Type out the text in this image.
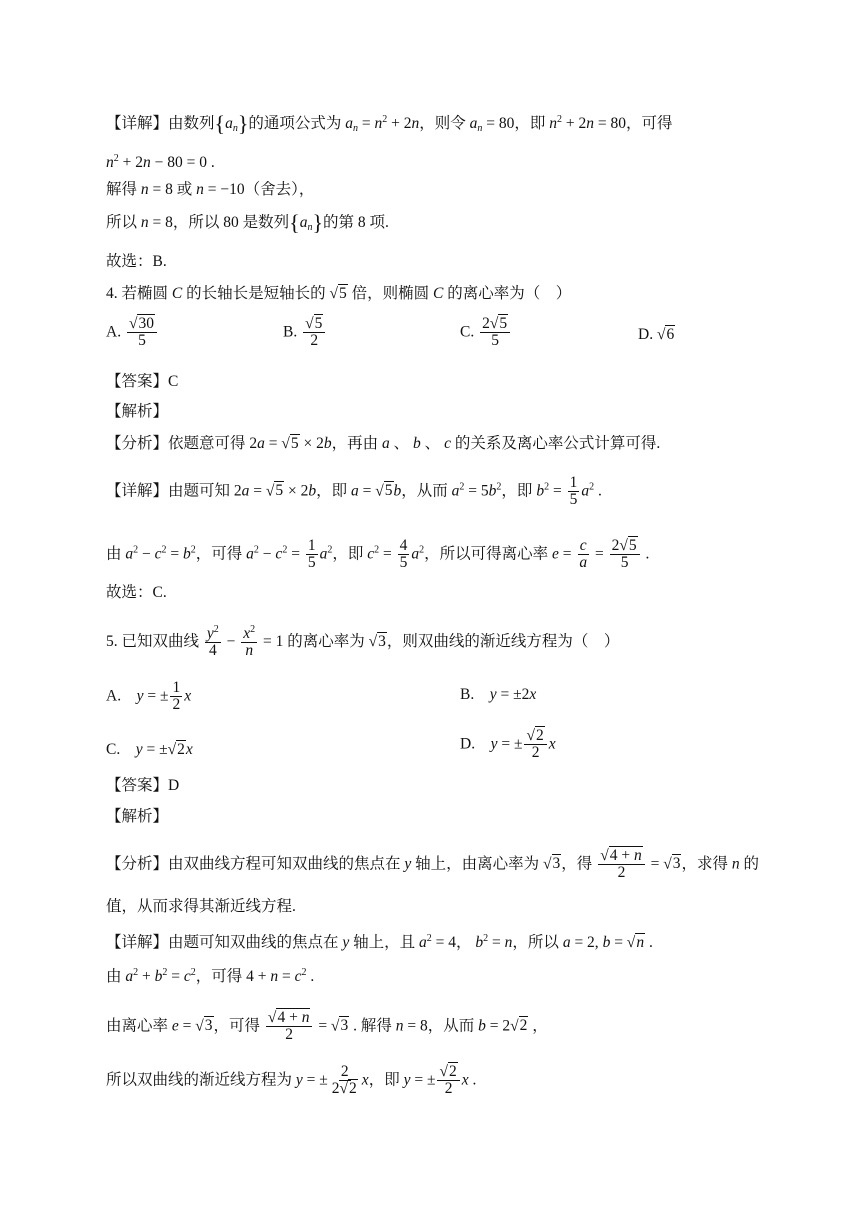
【详解】由数列$\{a_n\}$的通项公式为 $a_n = n^2 + 2n$，则令 $a_n = 80$，即 $n^2 + 2n = 80$，可得
$n^2 + 2n - 80 = 0$ .
解得 n = 8 或 n = −10（舍去），
所以 n = 8，所以 80 是数列$\{a_n\}$的第 8 项.
故选：B.
4. 若椭圆 C 的长轴长是短轴长的 √5 倍，则椭圆 C 的离心率为（　）
A. $\frac{√30}{5}$	B. $\frac{√5}{2}$	C. $\frac{2√5}{5}$	D. √6
【答案】C
【解析】
【分析】依题意可得 2a = √5 × 2b，再由 a 、 b 、 c 的关系及离心率公式计算可得.
【详解】由题可知 2a = √5 × 2b，即 a = √5b，从而 $a^2 = 5b^2$，即 $b^2 = \frac{1}{5} a^2$ .
由 $a^2 - c^2 = b^2$，可得 $a^2 - c^2 = \frac{1}{5} a^2$，即 $c^2 = \frac{4}{5} a^2$，所以可得离心率 $e = \frac{c}{a} = \frac{2√5}{5}$ .
故选：C.
5. 已知双曲线 $\frac{y^2}{4} - \frac{x^2}{n} = 1$ 的离心率为 √3，则双曲线的渐近线方程为（　）
A.　y = ± $\frac{1}{2}$ x	B.　y = ±2x
C.　y = ±√2x	D.　y = ± $\frac{√2}{2}$ x
【答案】D
【解析】
【分析】由双曲线方程可知双曲线的焦点在 y 轴上，由离心率为 √3，得 $\frac{√4 + n}{2} = √3$，求得 n 的
值，从而求得其渐近线方程.
【详解】由题可知双曲线的焦点在 y 轴上，且 $a^2 = 4$， $b^2 = n$，所以 a = 2, b = √n .
由 $a^2 + b^2 = c^2$，可得 $4 + n = c^2$ .
由离心率 e = √3，可得 $\frac{√4 + n}{2} = √3$ . 解得 n = 8，从而 b = 2√2 ，
所以双曲线的渐近线方程为 y = ± $\frac{2}{2√2}$ x，即 y = ± $\frac{√2}{2}$ x .
